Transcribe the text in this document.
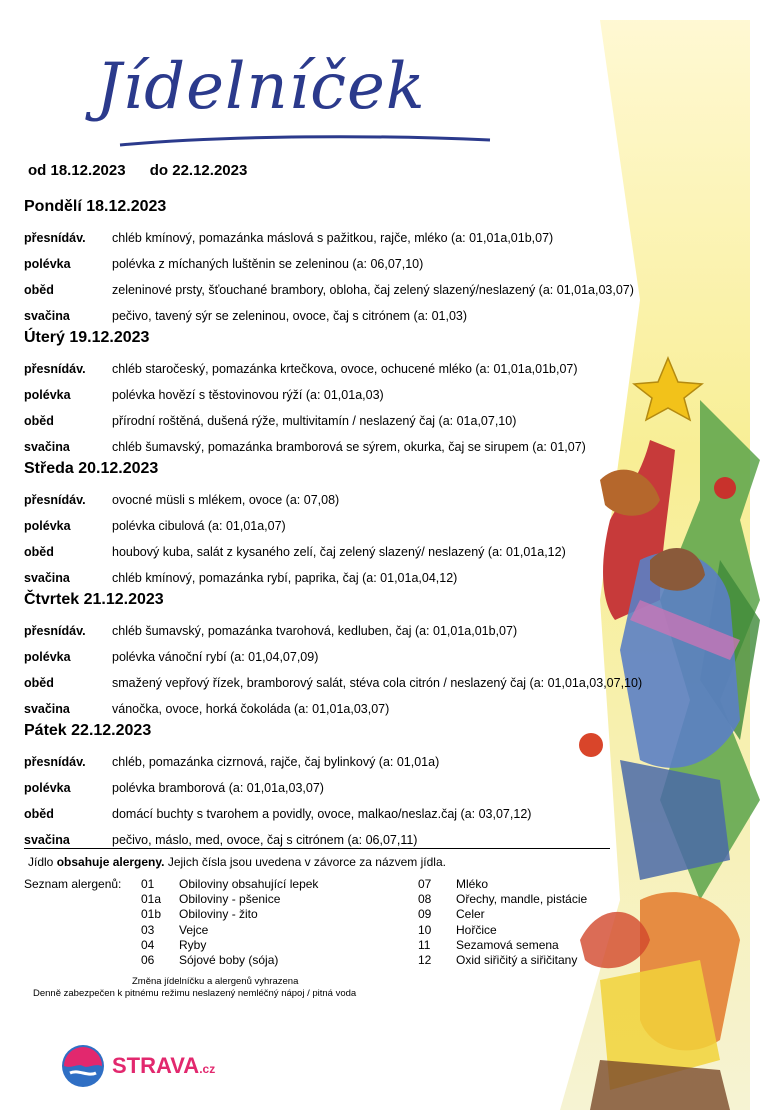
Jídelníček
od 18.12.2023 do 22.12.2023
Pondělí 18.12.2023
přesnídáv.	chléb kmínový, pomazánka máslová s pažitkou, rajče, mléko (a: 01,01a,01b,07)
polévka	polévka z míchaných luštěnin se zeleninou (a: 06,07,10)
oběd	zeleninové prsty, šťouchané brambory, obloha, čaj zelený slazený/neslazený (a: 01,01a,03,07)
svačina	pečivo, tavený sýr se zeleninou, ovoce, čaj s citrónem (a: 01,03)
Úterý 19.12.2023
přesnídáv.	chléb staročeský, pomazánka krtečkova, ovoce, ochucené mléko (a: 01,01a,01b,07)
polévka	polévka hovězí s těstovinovou rýží (a: 01,01a,03)
oběd	přírodní roštěná, dušená rýže, multivitamín / neslazený čaj (a: 01a,07,10)
svačina	chléb šumavský, pomazánka bramborová se sýrem, okurka, čaj se sirupem (a: 01,07)
Středa 20.12.2023
přesnídáv.	ovocné müsli s mlékem, ovoce (a: 07,08)
polévka	polévka cibulová (a: 01,01a,07)
oběd	houbový kuba, salát z kysaného zelí, čaj zelený slazený/ neslazený (a: 01,01a,12)
svačina	chléb kmínový, pomazánka rybí, paprika, čaj (a: 01,01a,04,12)
Čtvrtek 21.12.2023
přesnídáv.	chléb šumavský, pomazánka tvarohová, kedluben, čaj (a: 01,01a,01b,07)
polévka	polévka vánoční rybí (a: 01,04,07,09)
oběd	smažený vepřový řízek, bramborový salát, stéva cola citrón / neslazený čaj (a: 01,01a,03,07,10)
svačina	vánočka, ovoce, horká čokoláda (a: 01,01a,03,07)
Pátek 22.12.2023
přesnídáv.	chléb, pomazánka cizrnová, rajče, čaj bylinkový (a: 01,01a)
polévka	polévka bramborová (a: 01,01a,03,07)
oběd	domácí buchty s tvarohem a povidly, ovoce, malkao/neslaz.čaj (a: 03,07,12)
svačina	pečivo, máslo, med, ovoce, čaj s citrónem (a: 06,07,11)
Jídlo obsahuje alergeny. Jejich čísla jsou uvedena v závorce za názvem jídla.
Seznam alergenů: 01	Obiloviny obsahující lepek
01a	Obiloviny - pšenice
01b	Obiloviny - žito
03	Vejce
04	Ryby
06	Sójové boby (sója)
07	Mléko
08	Ořechy, mandle, pistácie
09	Celer
10	Hořčice
11	Sezamová semena
12	Oxid siřičitý a siřičitany
Změna jídelníčku a alergenů vyhrazena
Denně zabezpečen k pitnému režimu neslazený nemléčný nápoj / pitná voda
STRAVA.cz
